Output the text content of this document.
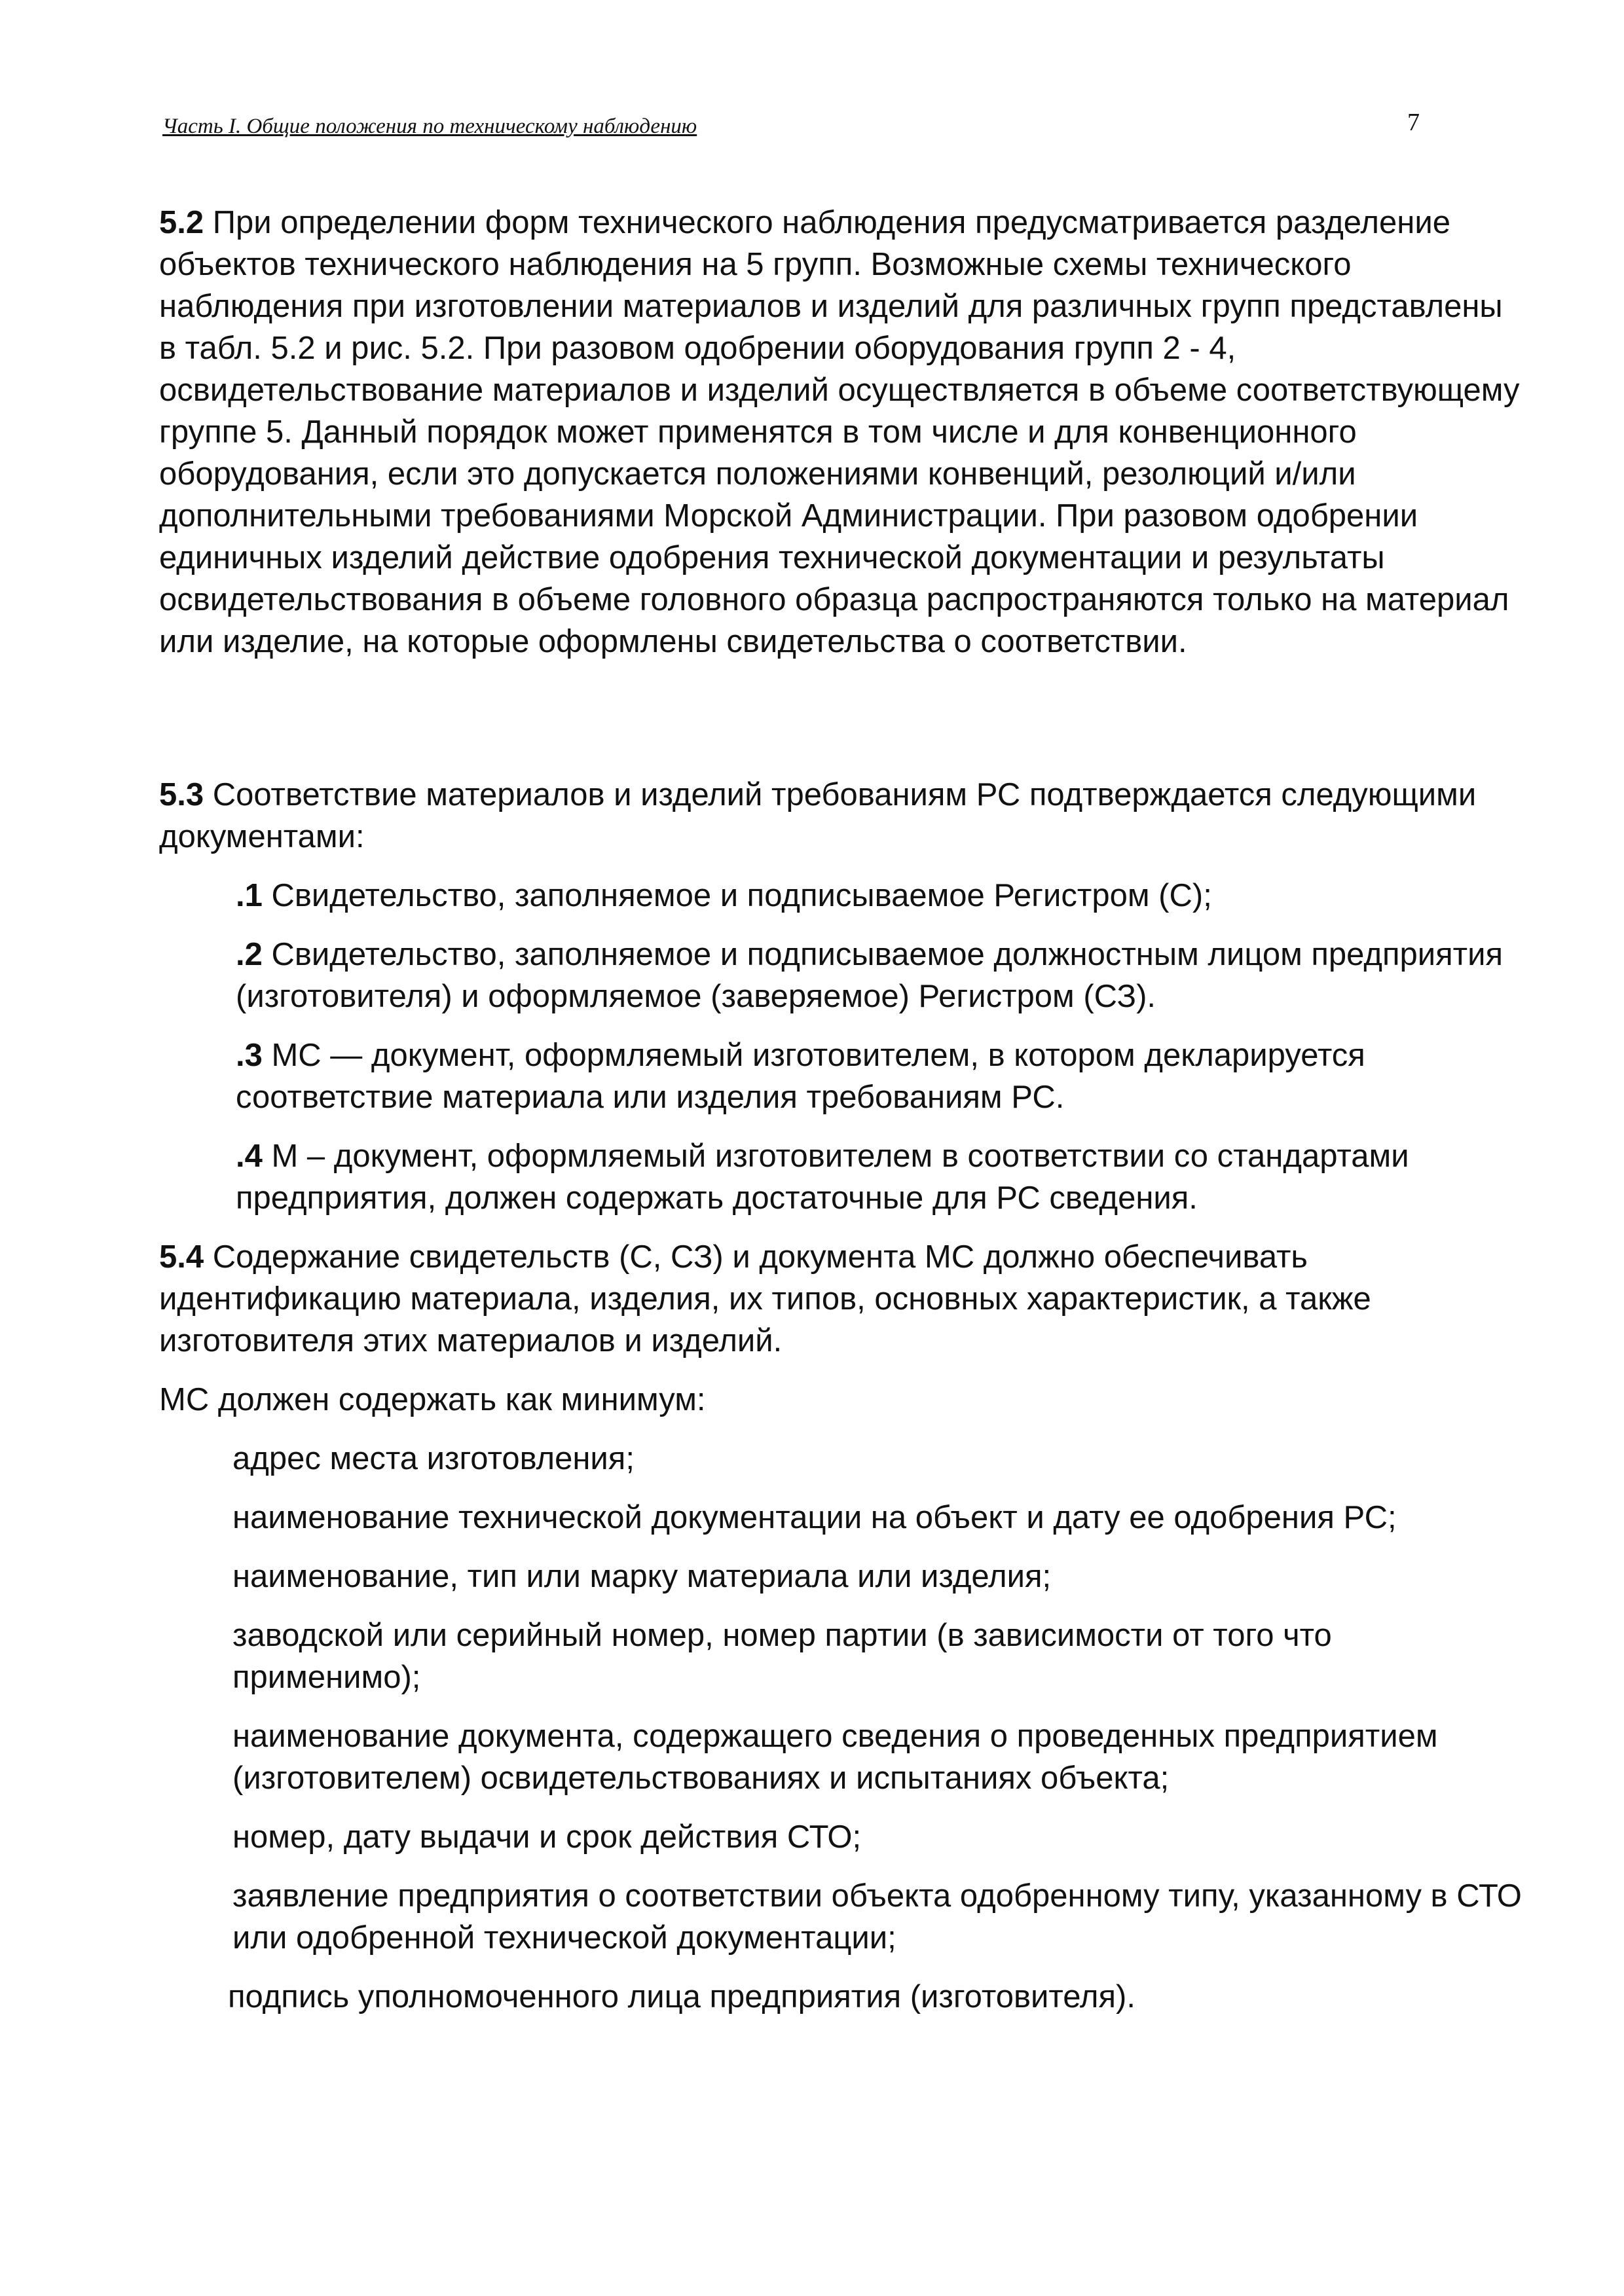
Часть I. Общие положения по техническому наблюдению	7

5.2 При определении форм технического наблюдения предусматривается разделение объектов технического наблюдения на 5 групп. Возможные схемы технического наблюдения при изготовлении материалов и изделий для различных групп представлены в табл. 5.2 и рис. 5.2. При разовом одобрении оборудования групп 2 - 4, освидетельствование материалов и изделий осуществляется в объеме соответствующему группе 5. Данный порядок может применятся в том числе и для конвенционного оборудования, если это допускается положениями конвенций, резолюций и/или дополнительными требованиями Морской Администрации. При разовом одобрении единичных изделий действие одобрения технической документации и результаты освидетельствования в объеме головного образца распространяются только на материал или изделие, на которые оформлены свидетельства о соответствии.

5.3 Соответствие материалов и изделий требованиям РС подтверждается следующими документами:

.1 Свидетельство, заполняемое и подписываемое Регистром (С);

.2 Свидетельство, заполняемое и подписываемое должностным лицом предприятия (изготовителя) и оформляемое (заверяемое) Регистром (СЗ).

.3 МС — документ, оформляемый изготовителем, в котором декларируется соответствие материала или изделия требованиям РС.

.4 М – документ, оформляемый изготовителем в соответствии со стандартами предприятия, должен содержать достаточные для РС сведения.

5.4 Содержание свидетельств (С, СЗ) и документа МС должно обеспечивать идентификацию материала, изделия, их типов, основных характеристик, а также изготовителя этих материалов и изделий.

МС должен содержать как минимум:

адрес места изготовления;
наименование технической документации на объект и дату ее одобрения РС;
наименование, тип или марку материала или изделия;
заводской или серийный номер, номер партии (в зависимости от того что применимо);
наименование документа, содержащего сведения о проведенных предприятием (изготовителем) освидетельствованиях и испытаниях объекта;
номер, дату выдачи и срок действия СТО;
заявление предприятия о соответствии объекта одобренному типу, указанному в СТО или одобренной технической документации;
подпись уполномоченного лица предприятия (изготовителя).
